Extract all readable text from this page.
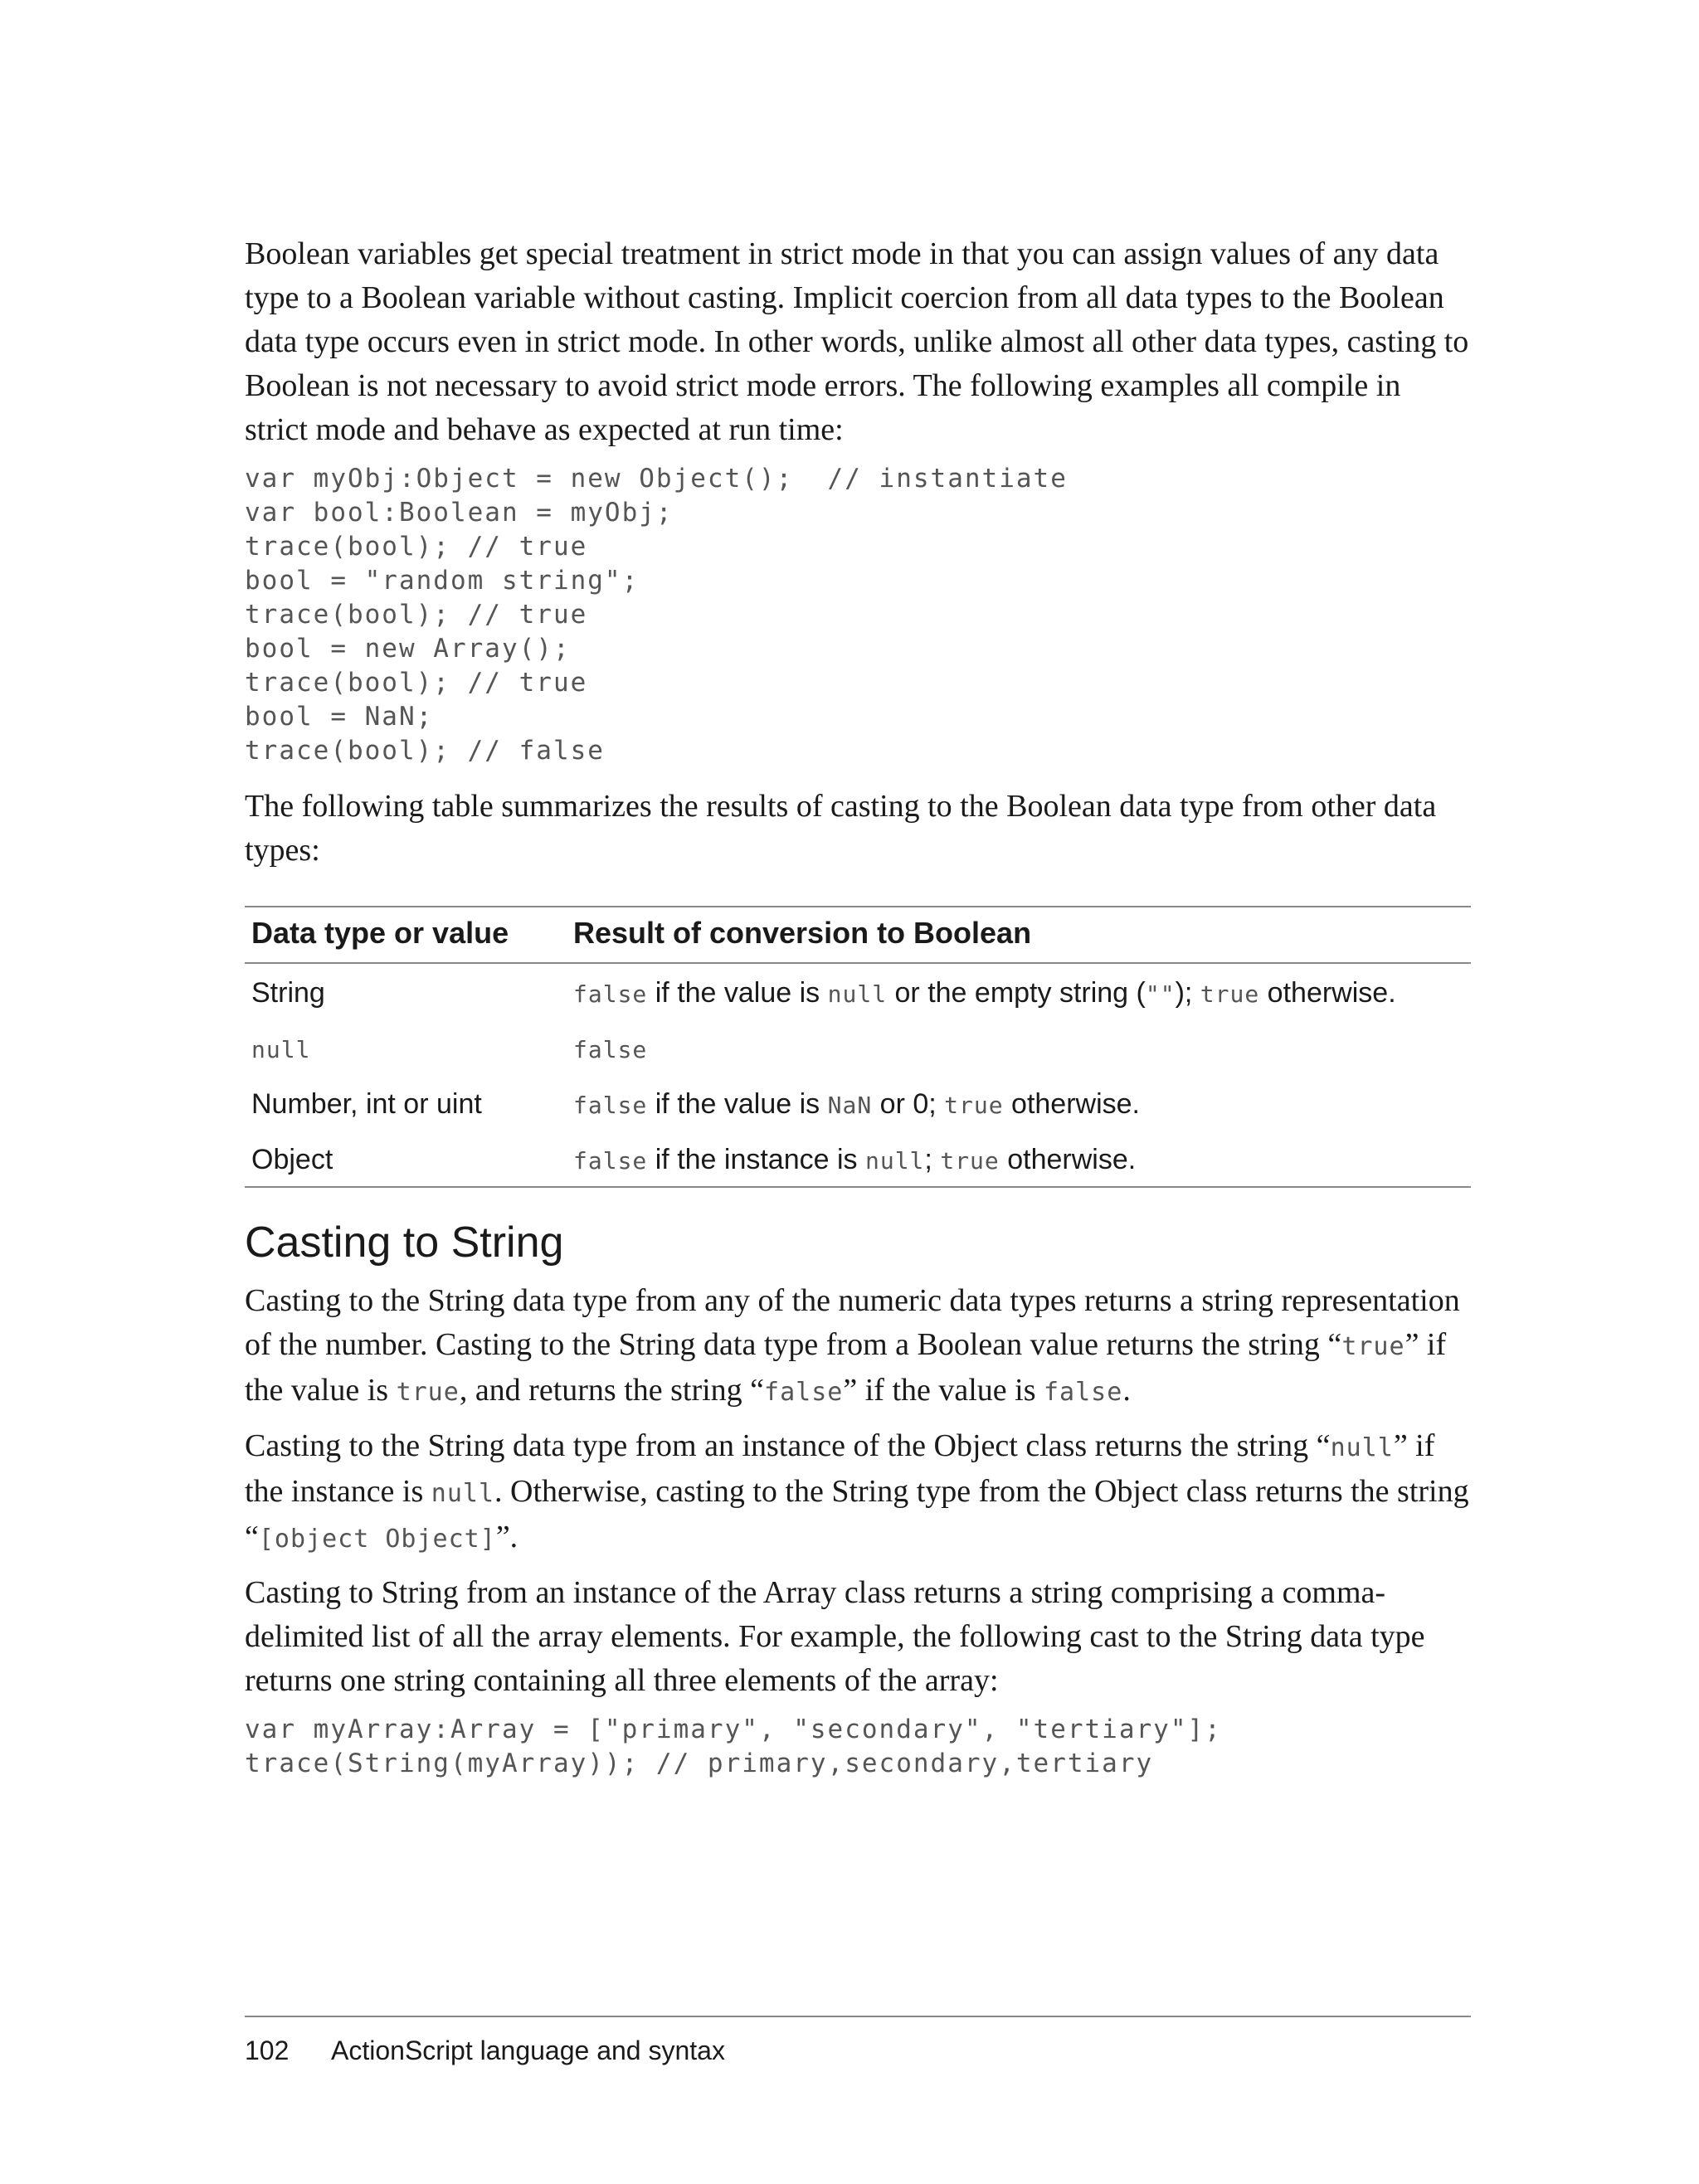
Boolean variables get special treatment in strict mode in that you can assign values of any data type to a Boolean variable without casting. Implicit coercion from all data types to the Boolean data type occurs even in strict mode. In other words, unlike almost all other data types, casting to Boolean is not necessary to avoid strict mode errors. The following examples all compile in strict mode and behave as expected at run time:

var myObj:Object = new Object();  // instantiate
var bool:Boolean = myObj;
trace(bool); // true
bool = "random string";
trace(bool); // true
bool = new Array();
trace(bool); // true
bool = NaN;
trace(bool); // false

The following table summarizes the results of casting to the Boolean data type from other data types:

Data type or value	Result of conversion to Boolean
String	false if the value is null or the empty string (""); true otherwise.
null	false
Number, int or uint	false if the value is NaN or 0; true otherwise.
Object	false if the instance is null; true otherwise.
Casting to String

Casting to the String data type from any of the numeric data types returns a string representation of the number. Casting to the String data type from a Boolean value returns the string “true” if the value is true, and returns the string “false” if the value is false.

Casting to the String data type from an instance of the Object class returns the string “null” if the instance is null. Otherwise, casting to the String type from the Object class returns the string “[object Object]”.

Casting to String from an instance of the Array class returns a string comprising a comma-delimited list of all the array elements. For example, the following cast to the String data type returns one string containing all three elements of the array:

var myArray:Array = ["primary", "secondary", "tertiary"];
trace(String(myArray)); // primary,secondary,tertiary
102 ActionScript language and syntax
